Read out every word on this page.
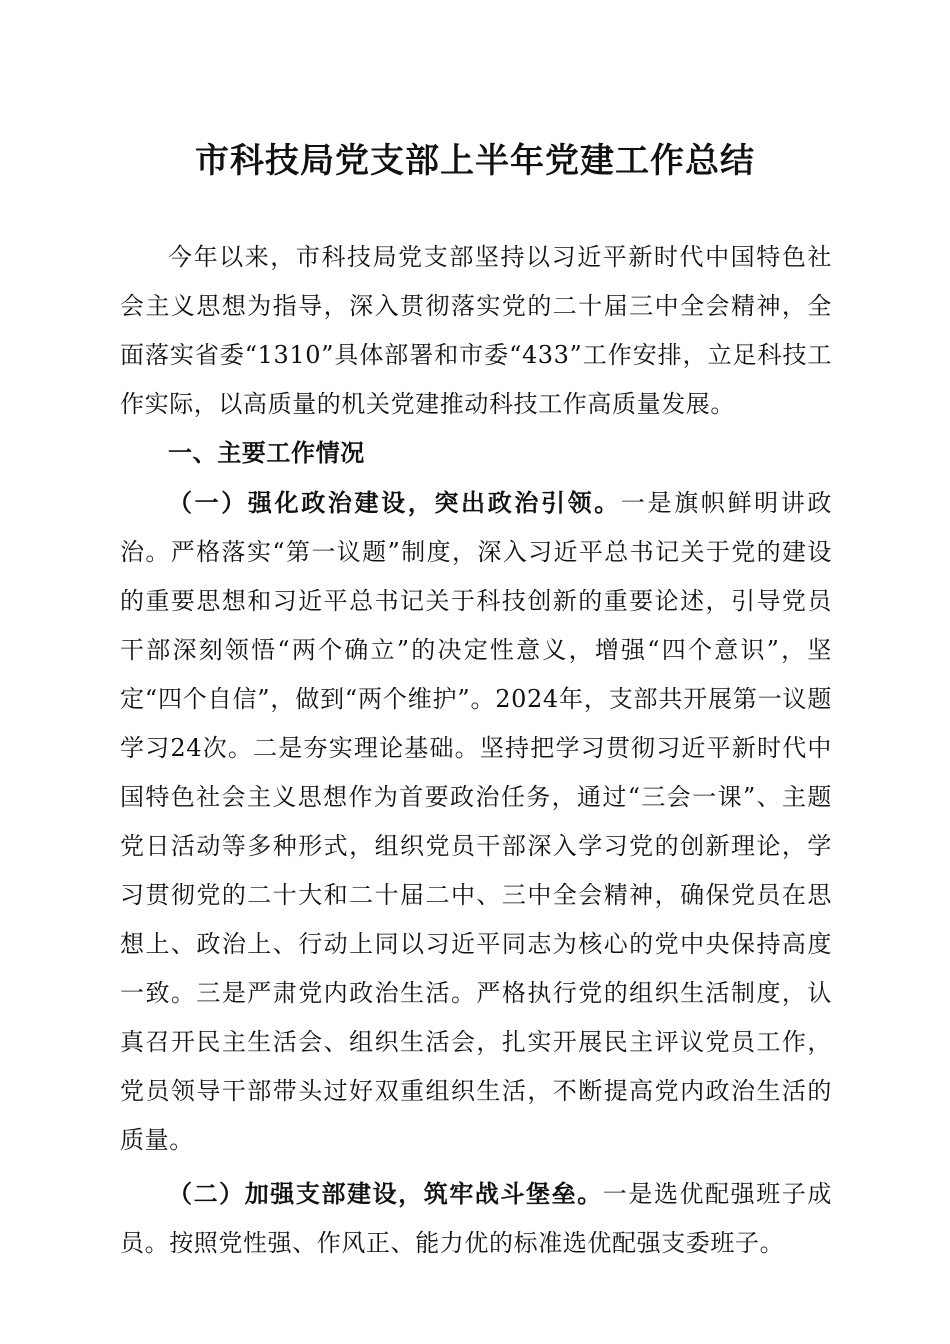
市科技局党支部上半年党建工作总结

今年以来，市科技局党支部坚持以习近平新时代中国特色社会主义思想为指导，深入贯彻落实党的二十届三中全会精神，全面落实省委“1310”具体部署和市委“433”工作安排，立足科技工作实际，以高质量的机关党建推动科技工作高质量发展。

一、主要工作情况

（一）强化政治建设，突出政治引领。一是旗帜鲜明讲政治。严格落实“第一议题”制度，深入习近平总书记关于党的建设的重要思想和习近平总书记关于科技创新的重要论述，引导党员干部深刻领悟“两个确立”的决定性意义，增强“四个意识”，坚定“四个自信”，做到“两个维护”。2024年，支部共开展第一议题学习24次。二是夯实理论基础。坚持把学习贯彻习近平新时代中国特色社会主义思想作为首要政治任务，通过“三会一课”、主题党日活动等多种形式，组织党员干部深入学习党的创新理论，学习贯彻党的二十大和二十届二中、三中全会精神，确保党员在思想上、政治上、行动上同以习近平同志为核心的党中央保持高度一致。三是严肃党内政治生活。严格执行党的组织生活制度，认真召开民主生活会、组织生活会，扎实开展民主评议党员工作，党员领导干部带头过好双重组织生活，不断提高党内政治生活的质量。

（二）加强支部建设，筑牢战斗堡垒。一是选优配强班子成员。按照党性强、作风正、能力优的标准选优配强支委班子。
